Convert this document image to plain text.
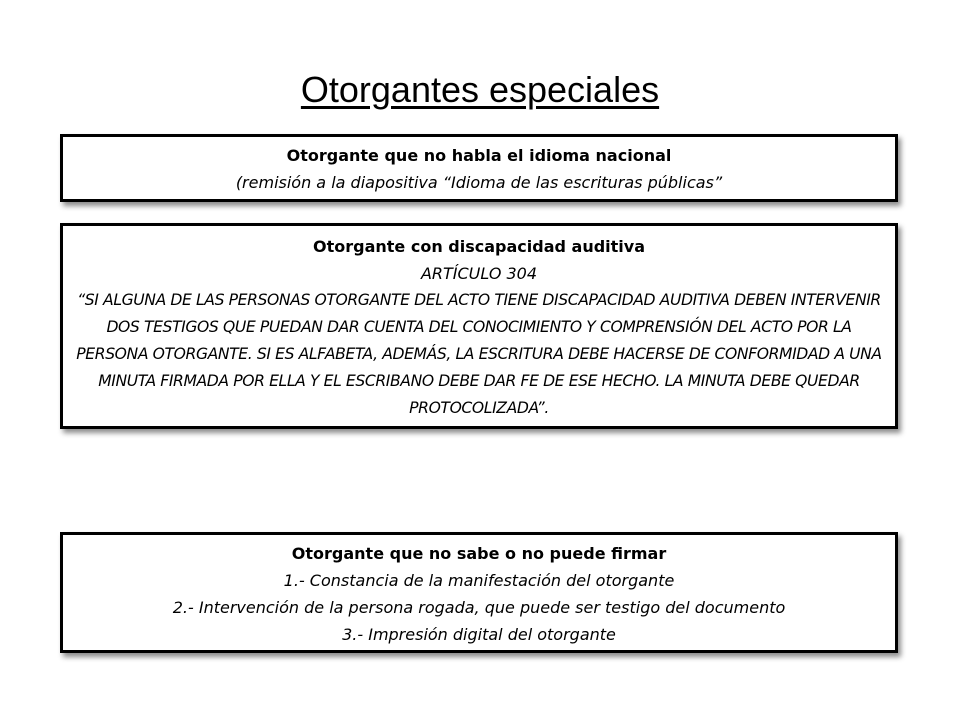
Otorgantes especiales
Otorgante que no habla el idioma nacional
(remisión a la diapositiva “Idioma de las escrituras públicas”
Otorgante con discapacidad auditiva
ARTÍCULO 304
“SI ALGUNA DE LAS PERSONAS OTORGANTE DEL ACTO TIENE DISCAPACIDAD AUDITIVA DEBEN INTERVENIR DOS TESTIGOS QUE PUEDAN DAR CUENTA DEL CONOCIMIENTO Y COMPRENSIÓN DEL ACTO POR LA PERSONA OTORGANTE. SI ES ALFABETA, ADEMÁS, LA ESCRITURA DEBE HACERSE DE CONFORMIDAD A UNA MINUTA FIRMADA POR ELLA Y EL ESCRIBANO DEBE DAR FE DE ESE HECHO. LA MINUTA DEBE QUEDAR PROTOCOLIZADA”.
Otorgante que no sabe o no puede firmar
1.- Constancia de la manifestación del otorgante
2.- Intervención de la persona rogada, que puede ser testigo del documento
3.- Impresión digital del otorgante
